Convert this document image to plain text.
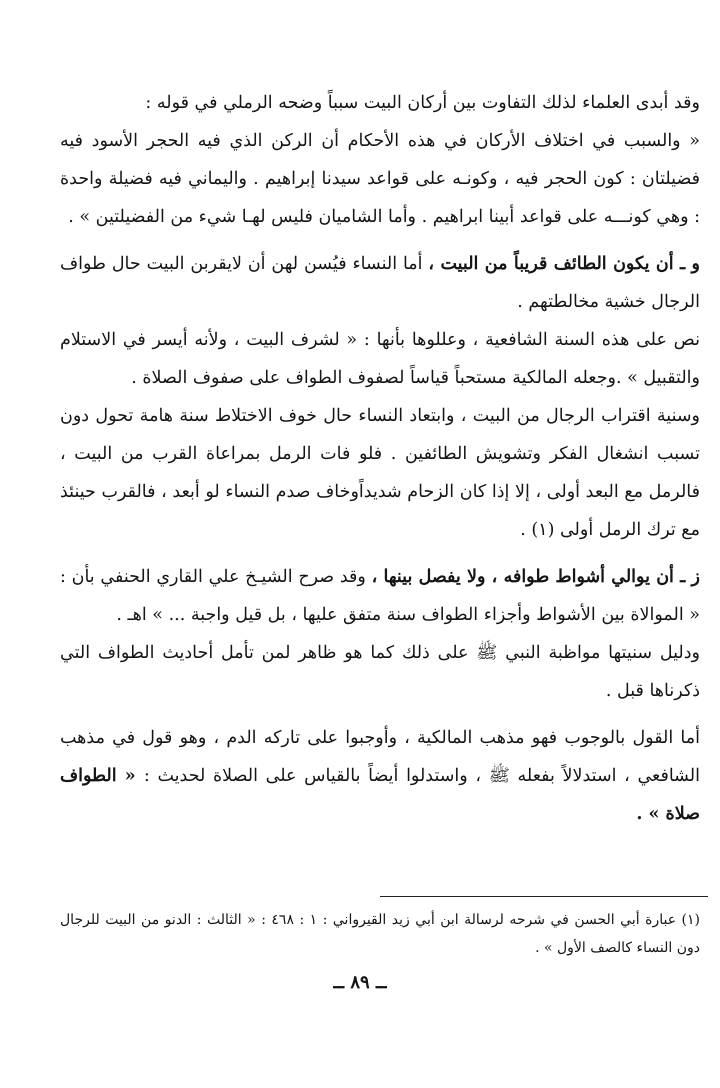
وقد أبدى العلماء لذلك التفاوت بين أركان البيت سبباً وضحه الرملي في قوله :

« والسبب في اختلاف الأركان في هذه الأحكام أن الركن الذي فيه الحجر الأسود فيه فضيلتان : كون الحجر فيه ، وكونـه على قواعد سيدنا إبراهيم . واليماني فيه فضيلة واحدة : وهي كونـــه على قواعد أبينا ابراهيم . وأما الشاميان فليس لهـا شيء من الفضيلتين » .

و ـ أن يكون الطائف قريباً من البيت ، أما النساء فيُسن لهن أن لايقربن البيت حال طواف الرجال خشية مخالطتهم .

نص على هذه السنة الشافعية ، وعللوها بأنها : « لشرف البيت ، ولأنه أيسر في الاستلام والتقبيل » .وجعله المالكية مستحباً قياساً لصفوف الطواف على صفوف الصلاة .

وسنية اقتراب الرجال من البيت ، وابتعاد النساء حال خوف الاختلاط سنة هامة تحول دون تسبب انشغال الفكر وتشويش الطائفين . فلو فات الرمل بمراعاة القرب من البيت ، فالرمل مع البعد أولى ، إلا إذا كان الزحام شديداًوخاف صدم النساء لو أبعد ، فالقرب حينئذ مع ترك الرمل أولى (١) .

ز ـ أن يوالي أشواط طوافه ، ولا يفصل بينها ، وقد صرح الشيـخ علي القاري الحنفي بأن : « الموالاة بين الأشواط وأجزاء الطواف سنة متفق عليها ، بل قيل واجبة ... » اهـ .

ودليل سنيتها مواظبة النبي ﷺ على ذلك كما هو ظاهر لمن تأمل أحاديث الطواف التي ذكرناها قبل .

أما القول بالوجوب فهو مذهب المالكية ، وأوجبوا على تاركه الدم ، وهو قول في مذهب الشافعي ، استدلالاً بفعله ﷺ ، واستدلوا أيضاً بالقياس على الصلاة لحديث : « الطواف صلاة » .

(١) عبارة أبي الحسن في شرحه لرسالة ابن أبي زيد القيرواني : ١ : ٤٦٨ : « الثالث : الدنو من البيت للرجال دون النساء كالصف الأول » .
ــ ٨٩ ــ
